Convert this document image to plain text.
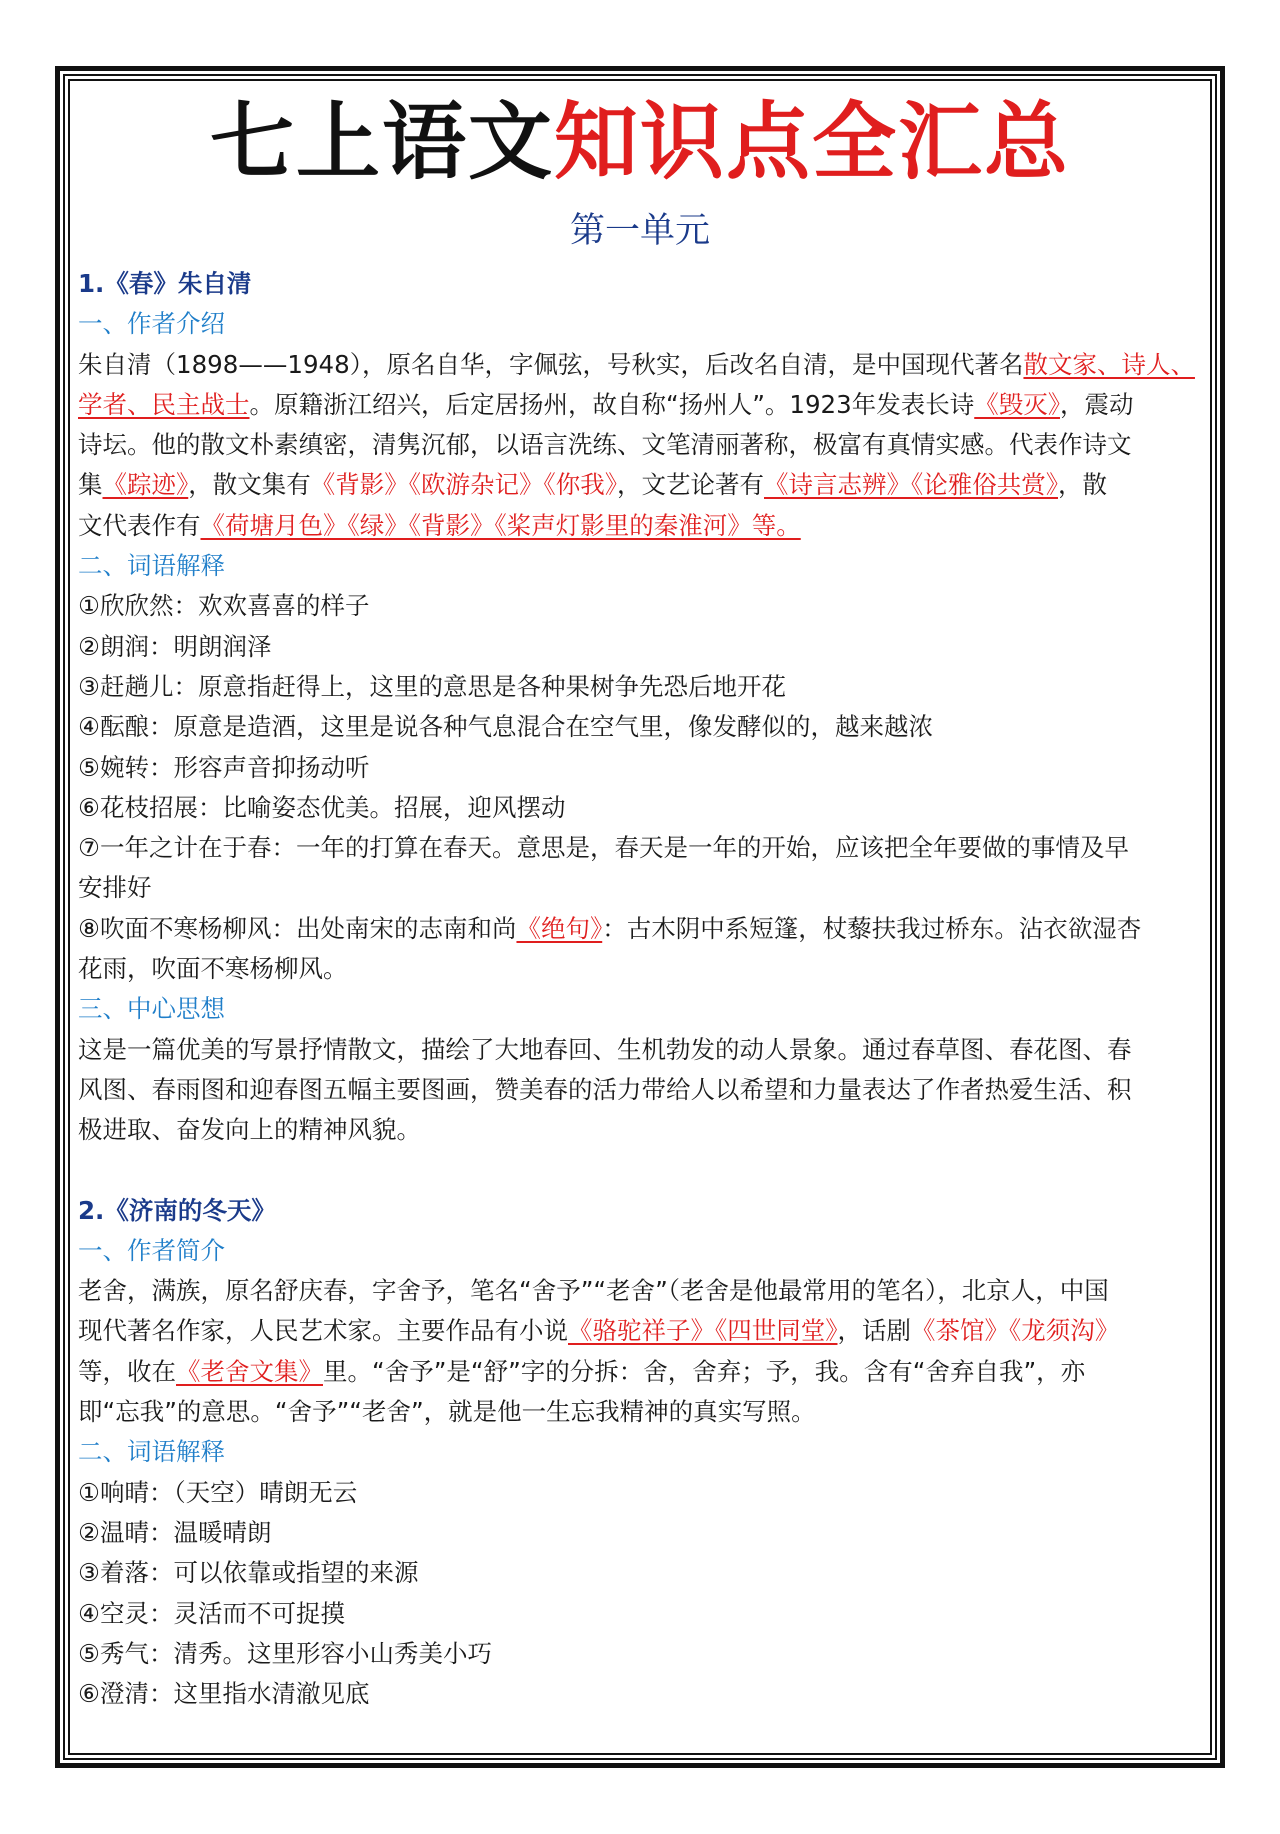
七上语文知识点全汇总
第一单元
1.《春》朱自清
一、作者介绍
朱自清（1898——1948），原名自华，字佩弦，号秋实，后改名自清，是中国现代著名散文家、诗人、
学者、民主战士。原籍浙江绍兴，后定居扬州，故自称“扬州人”。1923年发表长诗《毁灭》，震动
诗坛。他的散文朴素缜密，清隽沉郁，以语言洗练、文笔清丽著称，极富有真情实感。代表作诗文
集《踪迹》，散文集有《背影》《欧游杂记》《你我》，文艺论著有《诗言志辨》《论雅俗共赏》，散
文代表作有《荷塘月色》《绿》《背影》《桨声灯影里的秦淮河》等。
二、词语解释
①欣欣然：欢欢喜喜的样子
②朗润：明朗润泽
③赶趟儿：原意指赶得上，这里的意思是各种果树争先恐后地开花
④酝酿：原意是造酒，这里是说各种气息混合在空气里，像发酵似的，越来越浓
⑤婉转：形容声音抑扬动听
⑥花枝招展：比喻姿态优美。招展，迎风摆动
⑦一年之计在于春：一年的打算在春天。意思是，春天是一年的开始，应该把全年要做的事情及早
安排好
⑧吹面不寒杨柳风：出处南宋的志南和尚《绝句》：古木阴中系短篷，杖藜扶我过桥东。沾衣欲湿杏
花雨，吹面不寒杨柳风。
三、中心思想
这是一篇优美的写景抒情散文，描绘了大地春回、生机勃发的动人景象。通过春草图、春花图、春
风图、春雨图和迎春图五幅主要图画，赞美春的活力带给人以希望和力量表达了作者热爱生活、积
极进取、奋发向上的精神风貌。
2.《济南的冬天》
一、作者简介
老舍，满族，原名舒庆春，字舍予，笔名“舍予”“老舍”（老舍是他最常用的笔名），北京人，中国
现代著名作家，人民艺术家。主要作品有小说《骆驼祥子》《四世同堂》，话剧《茶馆》《龙须沟》
等，收在《老舍文集》里。“舍予”是“舒”字的分拆：舍，舍弃；予，我。含有“舍弃自我”，亦
即“忘我”的意思。“舍予”“老舍”，就是他一生忘我精神的真实写照。
二、词语解释
①响晴：（天空）晴朗无云
②温晴：温暖晴朗
③着落：可以依靠或指望的来源
④空灵：灵活而不可捉摸
⑤秀气：清秀。这里形容小山秀美小巧
⑥澄清：这里指水清澈见底
